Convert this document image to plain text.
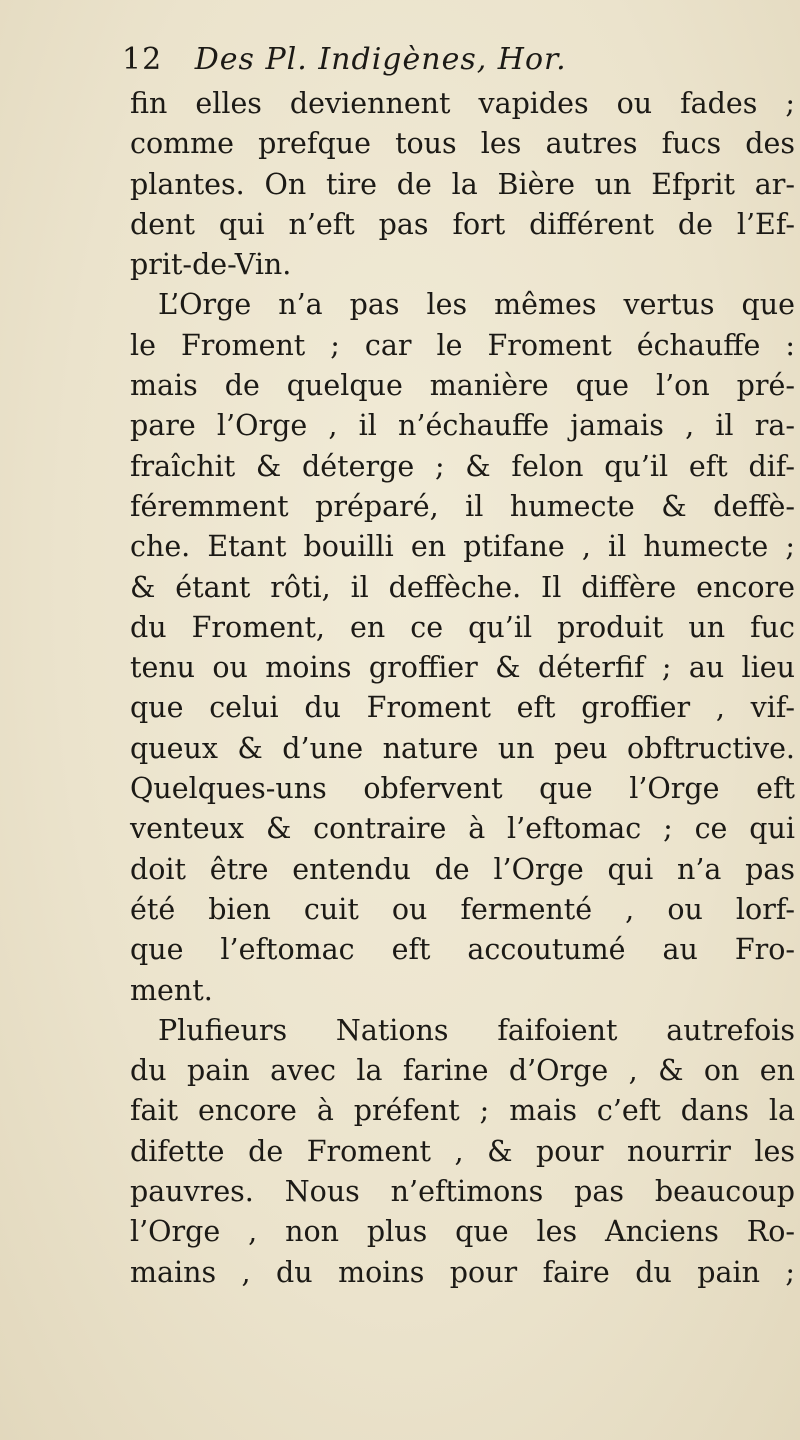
12 Des Pl. Indigènes, Hor.
fin elles deviennent vapides ou fades ;
comme prefque tous les autres fucs des
plantes. On tire de la Bière un Efprit ar-
dent qui n’eft pas fort différent de l’Ef-
prit-de-Vin.
L’Orge n’a pas les mêmes vertus que
le Froment ; car le Froment échauffe :
mais de quelque manière que l’on pré-
pare l’Orge , il n’échauffe jamais , il ra-
fraîchit & déterge ; & felon qu’il eft dif-
féremment préparé, il humecte & deffè-
che. Etant bouilli en ptifane , il humecte ;
& étant rôti, il deffèche. Il diffère encore
du Froment, en ce qu’il produit un fuc
tenu ou moins groffier & déterfif ; au lieu
que celui du Froment eft groffier , vif-
queux & d’une nature un peu obftructive.
Quelques-uns obfervent que l’Orge eft
venteux & contraire à l’eftomac ; ce qui
doit être entendu de l’Orge qui n’a pas
été bien cuit ou fermenté , ou lorf-
que l’eftomac eft accoutumé au Fro-
ment.
Plufieurs Nations faifoient autrefois
du pain avec la farine d’Orge , & on en
fait encore à préfent ; mais c’eft dans la
difette de Froment , & pour nourrir les
pauvres. Nous n’eftimons pas beaucoup
l’Orge , non plus que les Anciens Ro-
mains , du moins pour faire du pain ;
